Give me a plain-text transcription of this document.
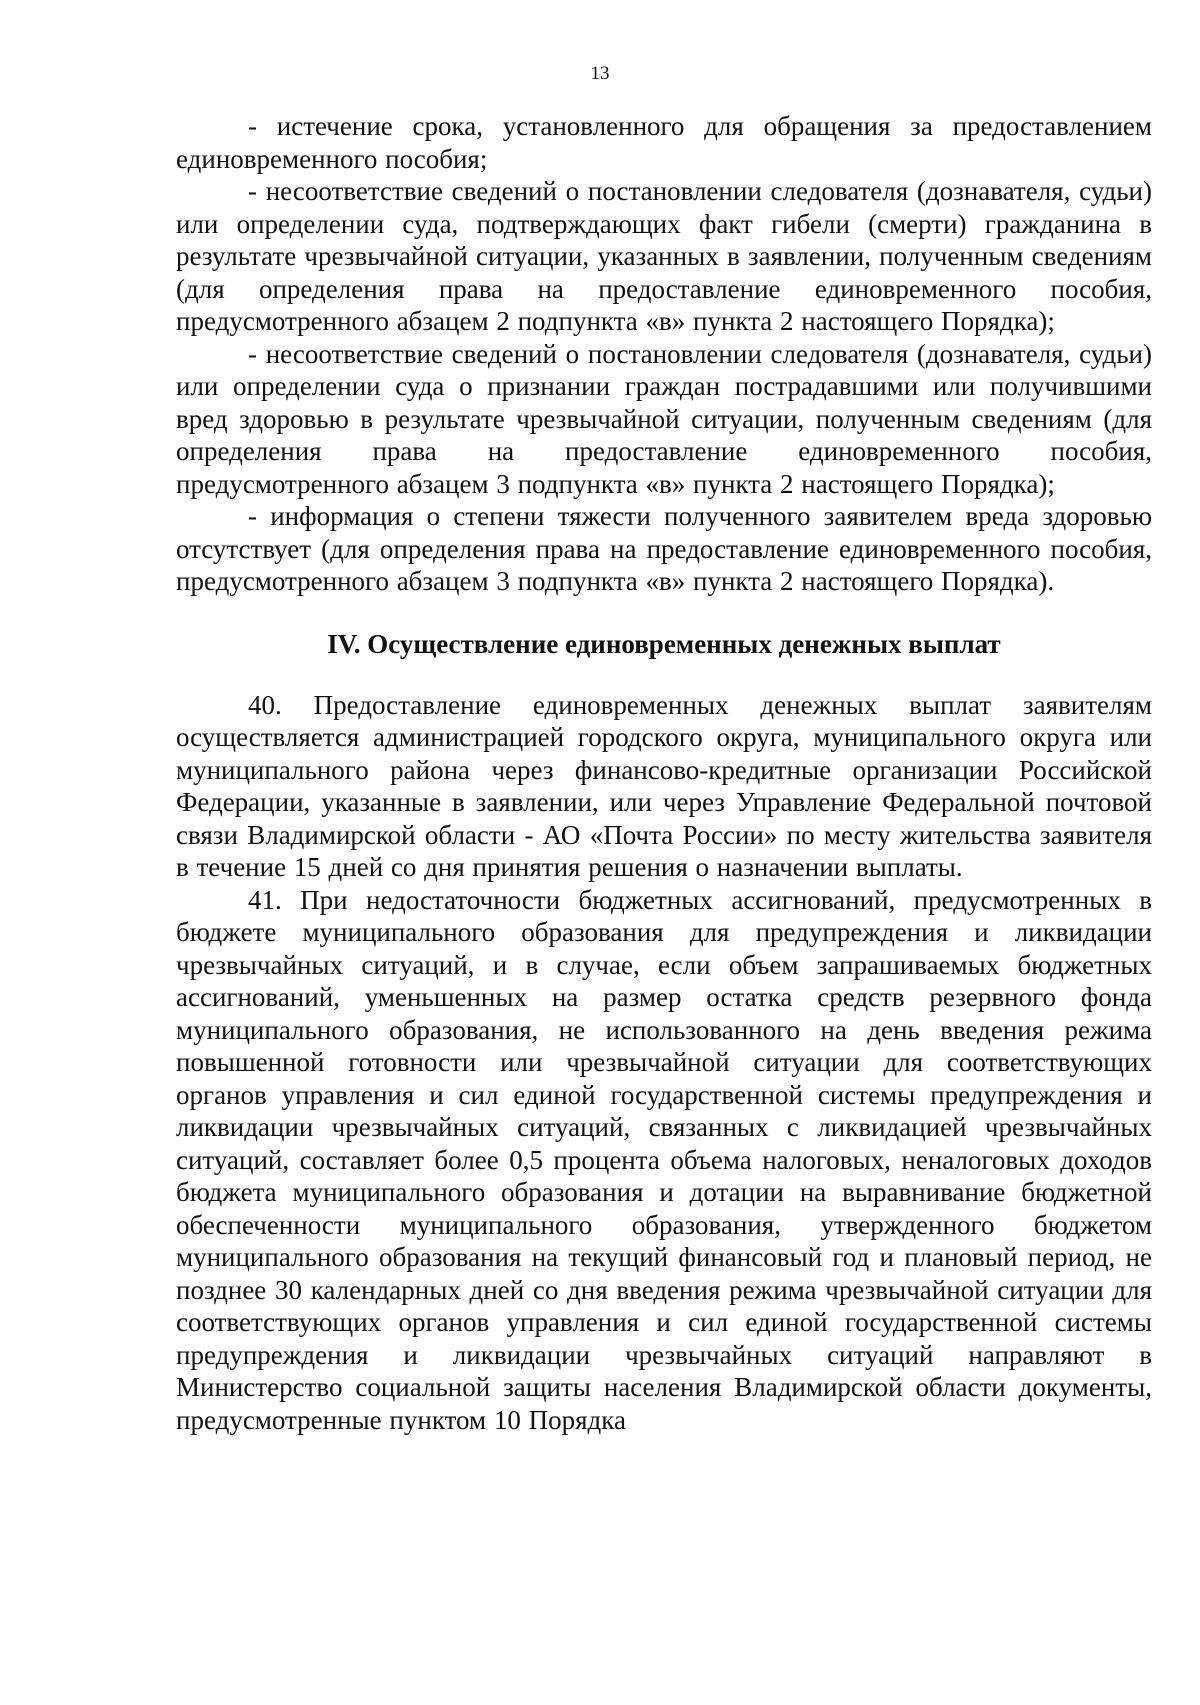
13

- истечение срока, установленного для обращения за предоставлением единовременного пособия;

- несоответствие сведений о постановлении следователя (дознавателя, судьи) или определении суда, подтверждающих факт гибели (смерти) гражданина в результате чрезвычайной ситуации, указанных в заявлении, полученным сведениям (для определения права на предоставление единовременного пособия, предусмотренного абзацем 2 подпункта «в» пункта 2 настоящего Порядка);

- несоответствие сведений о постановлении следователя (дознавателя, судьи) или определении суда о признании граждан пострадавшими или получившими вред здоровью в результате чрезвычайной ситуации, полученным сведениям (для определения права на предоставление единовременного пособия, предусмотренного абзацем 3 подпункта «в» пункта 2 настоящего Порядка);

- информация о степени тяжести полученного заявителем вреда здоровью отсутствует (для определения права на предоставление единовременного пособия, предусмотренного абзацем 3 подпункта «в» пункта 2 настоящего Порядка).

IV. Осуществление единовременных денежных выплат

40. Предоставление единовременных денежных выплат заявителям осуществляется администрацией городского округа, муниципального округа или муниципального района через финансово-кредитные организации Российской Федерации, указанные в заявлении, или через Управление Федеральной почтовой связи Владимирской области - АО «Почта России» по месту жительства заявителя в течение 15 дней со дня принятия решения о назначении выплаты.

41. При недостаточности бюджетных ассигнований, предусмотренных в бюджете муниципального образования для предупреждения и ликвидации чрезвычайных ситуаций, и в случае, если объем запрашиваемых бюджетных ассигнований, уменьшенных на размер остатка средств резервного фонда муниципального образования, не использованного на день введения режима повышенной готовности или чрезвычайной ситуации для соответствующих органов управления и сил единой государственной системы предупреждения и ликвидации чрезвычайных ситуаций, связанных с ликвидацией чрезвычайных ситуаций, составляет более 0,5 процента объема налоговых, неналоговых доходов бюджета муниципального образования и дотации на выравнивание бюджетной обеспеченности муниципального образования, утвержденного бюджетом муниципального образования на текущий финансовый год и плановый период, не позднее 30 календарных дней со дня введения режима чрезвычайной ситуации для соответствующих органов управления и сил единой государственной системы предупреждения и ликвидации чрезвычайных ситуаций направляют в Министерство социальной защиты населения Владимирской области документы, предусмотренные пунктом 10 Порядка
